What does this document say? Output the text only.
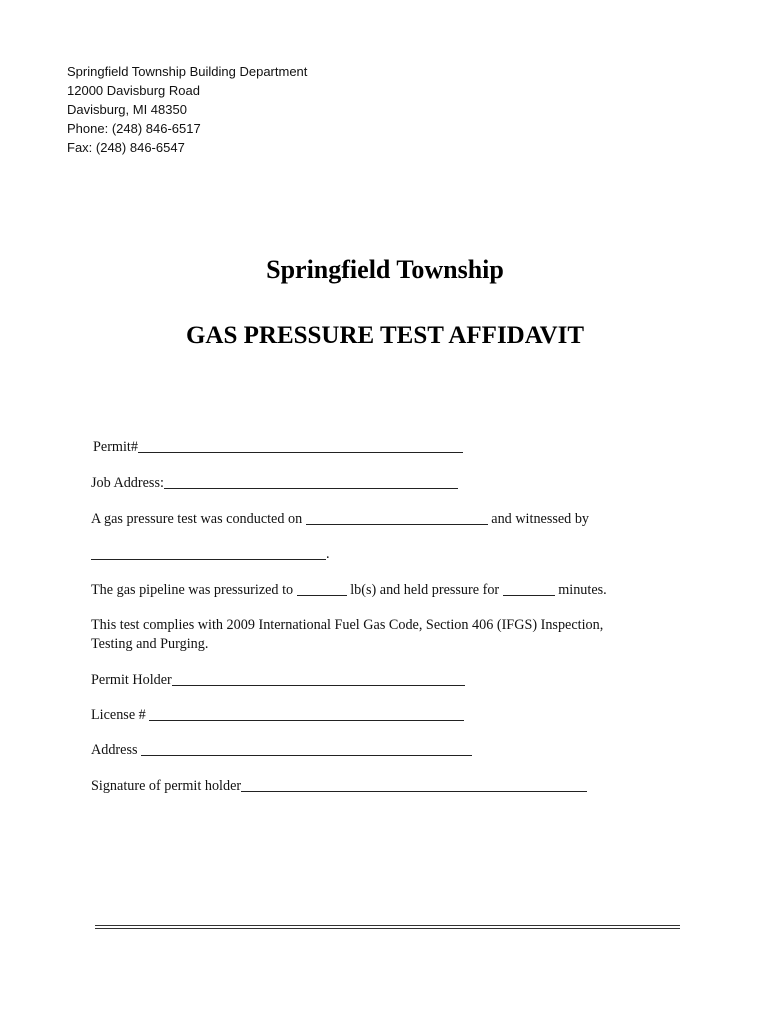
Springfield Township Building Department
12000 Davisburg Road
Davisburg, MI 48350
Phone: (248) 846-6517
Fax: (248) 846-6547
Springfield Township
GAS PRESSURE TEST AFFIDAVIT
Permit#
Job Address:
A gas pressure test was conducted on	and witnessed by
.
The gas pipeline was pressurized to	lb(s) and held pressure for	minutes.
This test complies with 2009 International Fuel Gas Code, Section 406 (IFGS) Inspection,
Testing and Purging.
Permit Holder
License #
Address
Signature of permit holder
